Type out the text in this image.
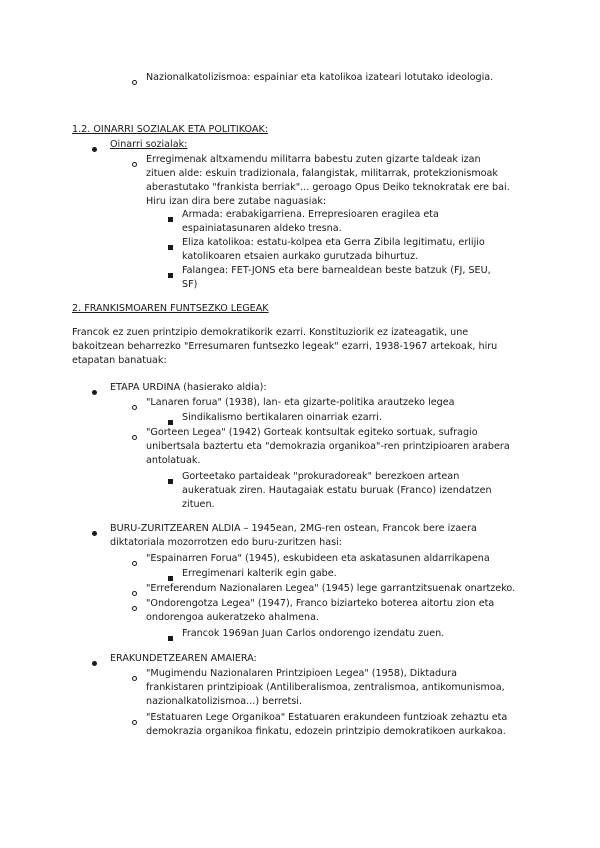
Nazionalkatolizismoa: espainiar eta katolikoa izateari lotutako ideologia.
1.2. OINARRI SOZIALAK ETA POLITIKOAK:
Oinarri sozialak:
Erregimenak altxamendu militarra babestu zuten gizarte taldeak izan
zituen alde: eskuin tradizionala, falangistak, militarrak, protekzionismoak
aberastutako "frankista berriak"... geroago Opus Deiko teknokratak ere bai.
Hiru izan dira bere zutabe naguasiak:
Armada: erabakigarriena. Errepresioaren eragilea eta
espainiatasunaren aldeko tresna.
Eliza katolikoa: estatu-kolpea eta Gerra Zibila legitimatu, erlijio
katolikoaren etsaien aurkako gurutzada bihurtuz.
Falangea: FET-JONS eta bere barnealdean beste batzuk (FJ, SEU,
SF)
2. FRANKISMOAREN FUNTSEZKO LEGEAK
Francok ez zuen printzipio demokratikorik ezarri. Konstituziorik ez izateagatik, une
bakoitzean beharrezko "Erresumaren funtsezko legeak" ezarri, 1938-1967 artekoak, hiru
etapatan banatuak:
ETAPA URDINA (hasierako aldia):
"Lanaren forua" (1938), lan- eta gizarte-politika arautzeko legea
Sindikalismo bertikalaren oinarriak ezarri.
"Gorteen Legea" (1942) Gorteak kontsultak egiteko sortuak, sufragio
unibertsala baztertu eta "demokrazia organikoa"-ren printzipioaren arabera
antolatuak.
Gorteetako partaideak "prokuradoreak" berezkoen artean
aukeratuak ziren. Hautagaiak estatu buruak (Franco) izendatzen
zituen.
BURU-ZURITZEAREN ALDIA – 1945ean, 2MG-ren ostean, Francok bere izaera
diktatoriala mozorrotzen edo buru-zuritzen hasi:
"Espainarren Forua" (1945), eskubideen eta askatasunen aldarrikapena
Erregimenari kalterik egin gabe.
"Erreferendum Nazionalaren Legea" (1945) lege garrantzitsuenak onartzeko.
"Ondorengotza Legea" (1947), Franco biziarteko boterea aitortu zion eta
ondorengoa aukeratzeko ahalmena.
Francok 1969an Juan Carlos ondorengo izendatu zuen.
ERAKUNDETZEAREN AMAIERA:
"Mugimendu Nazionalaren Printzipioen Legea" (1958), Diktadura
frankistaren printzipioak (Antiliberalismoa, zentralismoa, antikomunismoa,
nazionalkatolizismoa...) berretsi.
"Estatuaren Lege Organikoa" Estatuaren erakundeen funtzioak zehaztu eta
demokrazia organikoa finkatu, edozein printzipio demokratikoen aurkakoa.
